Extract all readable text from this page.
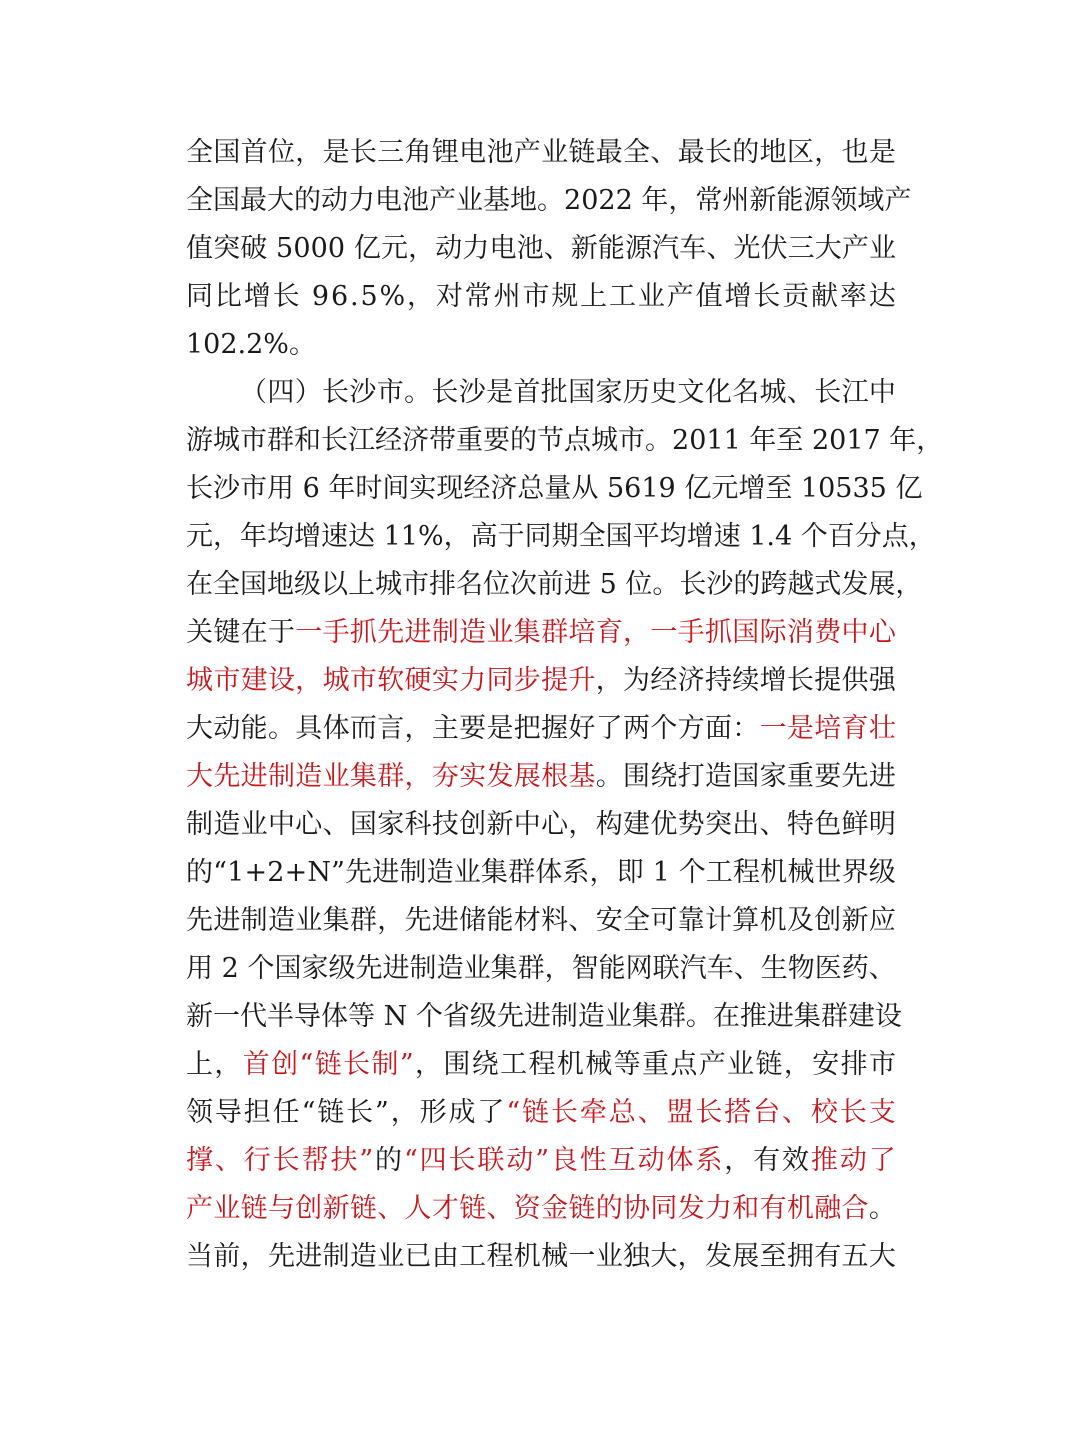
全 国 首 位 ， 是 长 三 角 锂 电 池 产 业 链 最 全 、 最 长 的 地 区 ， 也 是
全 国 最 大 的 动 力 电 池 产 业 基 地 。 2 0 2 2
年 ， 常 州 新 能 源 领 域 产
值 突 破
5 0 0 0
亿 元 ， 动 力 电 池 、 新 能 源 汽 车 、 光 伏 三 大 产 业
同 比 增 长
9 6 . 5 % ， 对 常 州 市 规 上 工 业 产 值 增 长 贡 献 率 达
102.2%。
（ 四 ） 长 沙 市 。 长 沙 是 首 批 国 家 历 史 文 化 名 城 、 长 江 中
游 城 市 群 和 长 江 经 济 带 重 要 的 节 点 城 市 。 2 0 1 1
年 至
2 0 1 7
年 ，
长 沙 市 用
6
年 时 间 实 现 经 济 总 量 从
5 6 1 9
亿 元 增 至
1 0 5 3 5
亿
元 ， 年 均 增 速 达
1 1 % ， 高 于 同 期 全 国 平 均 增 速
1 . 4
个 百 分 点 ，
在 全 国 地 级 以 上 城 市 排 名 位 次 前 进
5
位 。 长 沙 的 跨 越 式 发 展 ，
关 键 在 于 一 手 抓 先 进 制 造 业 集 群 培 育 ， 一 手 抓 国 际 消 费 中 心
城 市 建 设 ， 城 市 软 硬 实 力 同 步 提 升 ， 为 经 济 持 续 增 长 提 供 强
大 动 能 。 具 体 而 言 ， 主 要 是 把 握 好 了 两 个 方 面 ： 一 是 培 育 壮
大 先 进 制 造 业 集 群 ， 夯 实 发 展 根 基 。 围 绕 打 造 国 家 重 要 先 进
制 造 业 中 心 、 国 家 科 技 创 新 中 心 ， 构 建 优 势 突 出 、 特 色 鲜 明
的 “ 1 + 2 + N ” 先 进 制 造 业 集 群 体 系 ， 即
1
个 工 程 机 械 世 界 级
先 进 制 造 业 集 群 ， 先 进 储 能 材 料 、 安 全 可 靠 计 算 机 及 创 新 应
用
2
个 国 家 级 先 进 制 造 业 集 群 ， 智 能 网 联 汽 车 、 生 物 医 药 、
新 一 代 半 导 体 等
N
个 省 级 先 进 制 造 业 集 群 。 在 推 进 集 群 建 设
上 ， 首 创 “ 链 长 制 ” ， 围 绕 工 程 机 械 等 重 点 产 业 链 ， 安 排 市
领 导 担 任 “ 链 长 ” ， 形 成 了 “ 链 长 牵 总 、 盟 长 搭 台 、 校 长 支
撑 、 行 长 帮 扶 ” 的 “ 四 长 联 动 ” 良 性 互 动 体 系 ， 有 效 推 动 了
产 业 链 与 创 新 链 、 人 才 链 、 资 金 链 的 协 同 发 力 和 有 机 融 合 。
当 前 ， 先 进 制 造 业 已 由 工 程 机 械 一 业 独 大 ， 发 展 至 拥 有 五 大
